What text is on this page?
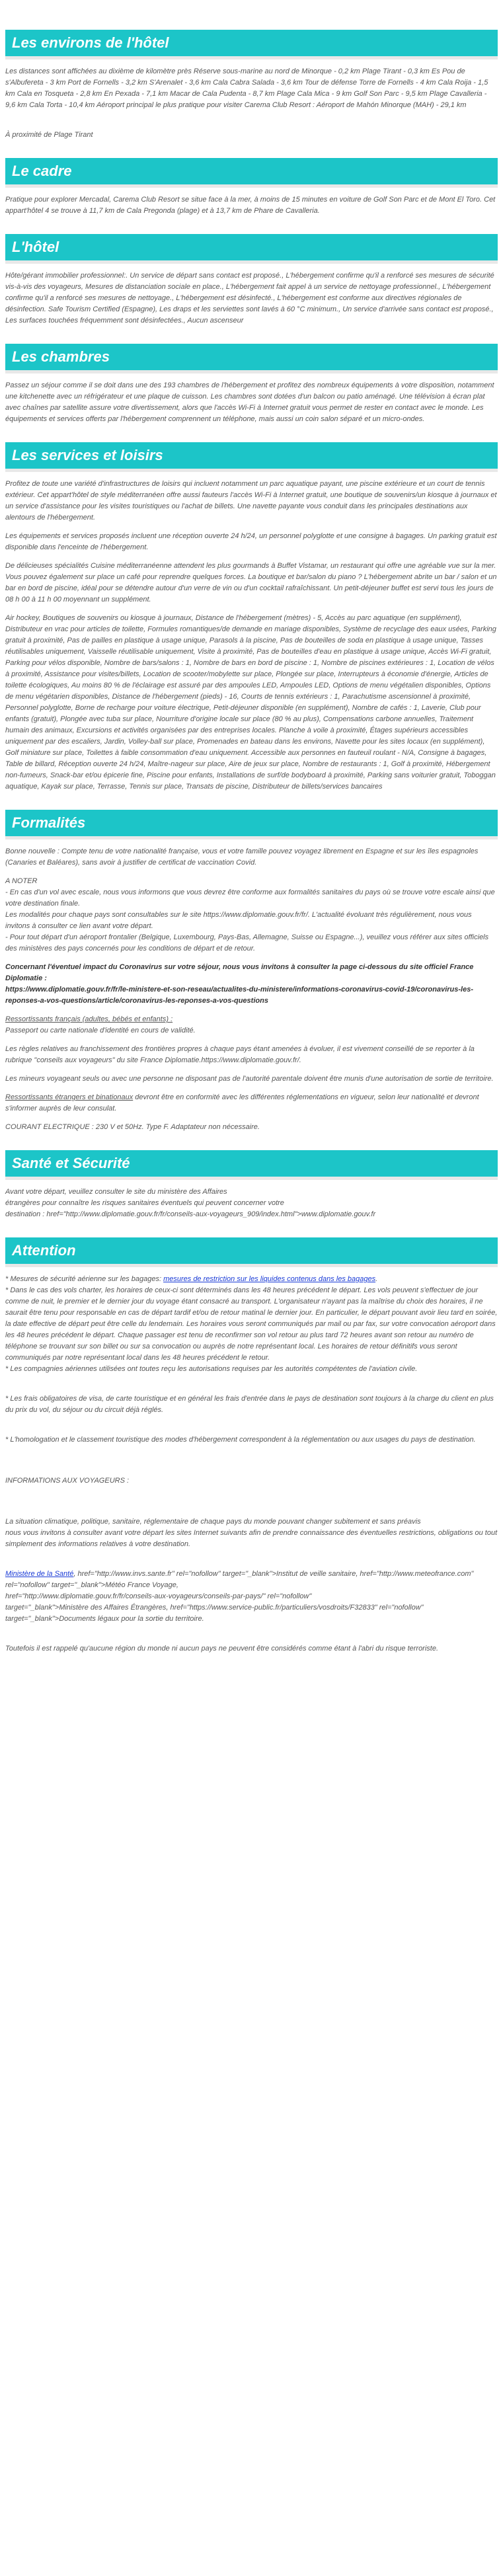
Les environs de l'hôtel

Les distances sont affichées au dixième de kilomètre près Réserve sous-marine au nord de Minorque - 0,2 km Plage Tirant - 0,3 km Es Pou de s'Albufereta - 3 km Port de Fornells - 3,2 km S'Arenalet - 3,6 km Cala Cabra Salada - 3,6 km Tour de défense Torre de Fornells - 4 km Cala Roija - 1,5 km Cala en Tosqueta - 2,8 km En Pexada - 7,1 km Macar de Cala Pudenta - 8,7 km Plage Cala Mica - 9 km Golf Son Parc - 9,5 km Plage Cavalleria - 9,6 km Cala Torta - 10,4 km Aéroport principal le plus pratique pour visiter Carema Club Resort : Aéroport de Mahón Minorque (MAH) - 29,1 km

À proximité de Plage Tirant

Le cadre

Pratique pour explorer Mercadal, Carema Club Resort se situe face à la mer, à moins de 15 minutes en voiture de Golf Son Parc et de Mont El Toro. Cet appart'hôtel 4 se trouve à 11,7 km de Cala Pregonda (plage) et à 13,7 km de Phare de Cavalleria.

L'hôtel

Hôte/gérant immobilier professionnel:. Un service de départ sans contact est proposé., L'hébergement confirme qu'il a renforcé ses mesures de sécurité vis-à-vis des voyageurs, Mesures de distanciation sociale en place., L'hébergement fait appel à un service de nettoyage professionnel., L'hébergement confirme qu'il a renforcé ses mesures de nettoyage., L'hébergement est désinfecté., L'hébergement est conforme aux directives régionales de désinfection. Safe Tourism Certified (Espagne), Les draps et les serviettes sont lavés à 60 °C minimum., Un service d'arrivée sans contact est proposé., Les surfaces touchées fréquemment sont désinfectées., Aucun ascenseur

Les chambres

Passez un séjour comme il se doit dans une des 193 chambres de l'hébergement et profitez des nombreux équipements à votre disposition, notamment une kitchenette avec un réfrigérateur et une plaque de cuisson. Les chambres sont dotées d'un balcon ou patio aménagé. Une télévision à écran plat avec chaînes par satellite assure votre divertissement, alors que l'accès Wi-Fi à Internet gratuit vous permet de rester en contact avec le monde. Les équipements et services offerts par l'hébergement comprennent un téléphone, mais aussi un coin salon séparé et un micro-ondes.

Les services et loisirs

Profitez de toute une variété d'infrastructures de loisirs qui incluent notamment un parc aquatique payant, une piscine extérieure et un court de tennis extérieur. Cet appart'hôtel de style méditerranéen offre aussi fauteurs l'accès Wi-Fi à Internet gratuit, une boutique de souvenirs/un kiosque à journaux et un service d'assistance pour les visites touristiques ou l'achat de billets. Une navette payante vous conduit dans les principales destinations aux alentours de l'hébergement.

Les équipements et services proposés incluent une réception ouverte 24 h/24, un personnel polyglotte et une consigne à bagages. Un parking gratuit est disponible dans l'enceinte de l'hébergement.

De délicieuses spécialités Cuisine méditerranéenne attendent les plus gourmands à Buffet Vistamar, un restaurant qui offre une agréable vue sur la mer. Vous pouvez également sur place un café pour reprendre quelques forces. La boutique et bar/salon du piano ? L'hébergement abrite un bar / salon et un bar en bord de piscine, idéal pour se détendre autour d'un verre de vin ou d'un cocktail rafraîchissant. Un petit-déjeuner buffet est servi tous les jours de 08 h 00 à 11 h 00 moyennant un supplément.

Air hockey, Boutiques de souvenirs ou kiosque à journaux, Distance de l'hébergement (mètres) - 5, Accès au parc aquatique (en supplément), Distributeur en vrac pour articles de toilette, Formules romantiques/de demande en mariage disponibles, Système de recyclage des eaux usées, Parking gratuit à proximité, Pas de pailles en plastique à usage unique, Parasols à la piscine, Pas de bouteilles de soda en plastique à usage unique, Tasses réutilisables uniquement, Vaisselle réutilisable uniquement, Visite à proximité, Pas de bouteilles d'eau en plastique à usage unique, Accès Wi-Fi gratuit, Parking pour vélos disponible, Nombre de bars/salons : 1, Nombre de bars en bord de piscine : 1, Nombre de piscines extérieures : 1, Location de vélos à proximité, Assistance pour visites/billets, Location de scooter/mobylette sur place, Plongée sur place, Interrupteurs à économie d'énergie, Articles de toilette écologiques, Au moins 80 % de l'éclairage est assuré par des ampoules LED, Ampoules LED, Options de menu végétalien disponibles, Options de menu végétarien disponibles, Distance de l'hébergement (pieds) - 16, Courts de tennis extérieurs : 1, Parachutisme ascensionnel à proximité, Personnel polyglotte, Borne de recharge pour voiture électrique, Petit-déjeuner disponible (en supplément), Nombre de cafés : 1, Laverie, Club pour enfants (gratuit), Plongée avec tuba sur place, Nourriture d'origine locale sur place (80 % au plus), Compensations carbone annuelles, Traitement humain des animaux, Excursions et activités organisées par des entreprises locales. Planche à voile à proximité, Étages supérieurs accessibles uniquement par des escaliers, Jardin, Volley-ball sur place, Promenades en bateau dans les environs, Navette pour les sites locaux (en supplément), Golf miniature sur place, Toilettes à faible consommation d'eau uniquement. Accessible aux personnes en fauteuil roulant - N/A, Consigne à bagages, Table de billard, Réception ouverte 24 h/24, Maître-nageur sur place, Aire de jeux sur place, Nombre de restaurants : 1, Golf à proximité, Hébergement non-fumeurs, Snack-bar et/ou épicerie fine, Piscine pour enfants, Installations de surf/de bodyboard à proximité, Parking sans voiturier gratuit, Toboggan aquatique, Kayak sur place, Terrasse, Tennis sur place, Transats de piscine, Distributeur de billets/services bancaires

Formalités

Bonne nouvelle : Compte tenu de votre nationalité française, vous et votre famille pouvez voyagez librement en Espagne et sur les îles espagnoles (Canaries et Baléares), sans avoir à justifier de certificat de vaccination Covid.

A NOTER

- En cas d'un vol avec escale, nous vous informons que vous devrez être conforme aux formalités sanitaires du pays où se trouve votre escale ainsi que votre destination finale.
Les modalités pour chaque pays sont consultables sur le site https://www.diplomatie.gouv.fr/fr/. L'actualité évoluant très régulièrement, nous vous invitons à consulter ce lien avant votre départ.
- Pour tout départ d'un aéroport frontalier (Belgique, Luxembourg, Pays-Bas, Allemagne, Suisse ou Espagne...), veuillez vous référer aux sites officiels des ministères des pays concernés pour les conditions de départ et de retour.

Concernant l'éventuel impact du Coronavirus sur votre séjour, nous vous invitons à consulter la page ci-dessous du site officiel France Diplomatie :
https://www.diplomatie.gouv.fr/fr/le-ministere-et-son-reseau/actualites-du-ministere/informations-coronavirus-covid-19/coronavirus-les-reponses-a-vos-questions/article/coronavirus-les-reponses-a-vos-questions

Ressortissants français (adultes, bébés et enfants) :

Passeport ou carte nationale d'identité en cours de validité.

Les règles relatives au franchissement des frontières propres à chaque pays étant amenées à évoluer, il est vivement conseillé de se reporter à la rubrique "conseils aux voyageurs" du site France Diplomatie.https://www.diplomatie.gouv.fr/.

Les mineurs voyageant seuls ou avec une personne ne disposant pas de l'autorité parentale doivent être munis d'une autorisation de sortie de territoire.

Ressortissants étrangers et binationaux devront être en conformité avec les différentes réglementations en vigueur, selon leur nationalité et devront s'informer auprès de leur consulat.

COURANT ELECTRIQUE : 230 V et 50Hz. Type F. Adaptateur non nécessaire.

Santé et Sécurité

Avant votre départ, veuillez consulter le site du ministère des Affaires
étrangères pour connaître les risques sanitaires éventuels qui peuvent concerner votre
destination : href="http://www.diplomatie.gouv.fr/fr/conseils-aux-voyageurs_909/index.html">www.diplomatie.gouv.fr

Attention

* Mesures de sécurité aérienne sur les bagages: mesures de restriction sur les liquides contenus dans les bagages.
* Dans le cas des vols charter, les horaires de ceux-ci sont déterminés dans les 48 heures précédent le départ. Les vols peuvent s'effectuer de jour comme de nuit, le premier et le dernier jour du voyage étant consacré au transport. L'organisateur n'ayant pas la maîtrise du choix des horaires, il ne saurait être tenu pour responsable en cas de départ tardif et/ou de retour matinal le dernier jour. En particulier, le départ pouvant avoir lieu tard en soirée, la date effective de départ peut être celle du lendemain. Les horaires vous seront communiqués par mail ou par fax, sur votre convocation aéroport dans les 48 heures précédent le départ. Chaque passager est tenu de reconfirmer son vol retour au plus tard 72 heures avant son retour au numéro de téléphone se trouvant sur son billet ou sur sa convocation ou auprès de notre représentant local. Les horaires de retour définitifs vous seront communiqués par notre représentant local dans les 48 heures précédent le retour.
* Les compagnies aériennes utilisées ont toutes reçu les autorisations requises par les autorités compétentes de l'aviation civile.

* Les frais obligatoires de visa, de carte touristique et en général les frais d'entrée dans le pays de destination sont toujours à la charge du client en plus du prix du vol, du séjour ou du circuit déjà réglés.

* L'homologation et le classement touristique des modes d'hébergement correspondent à la réglementation ou aux usages du pays de destination.

INFORMATIONS AUX VOYAGEURS :

La situation climatique, politique, sanitaire, réglementaire de chaque pays du monde pouvant changer subitement et sans préavis
nous vous invitons à consulter avant votre départ les sites Internet suivants afin de prendre connaissance des éventuelles restrictions, obligations ou tout simplement des informations relatives à votre destination.

Ministère de la Santé, href="http://www.invs.sante.fr" rel="nofollow" target="_blank">Institut de veille sanitaire, href="http://www.meteofrance.com" rel="nofollow" target="_blank">Météo France Voyage,
href="http://www.diplomatie.gouv.fr/fr/conseils-aux-voyageurs/conseils-par-pays/" rel="nofollow"
target="_blank">Ministère des Affaires Étrangères, href="https://www.service-public.fr/particuliers/vosdroits/F32833" rel="nofollow" target="_blank">Documents légaux pour la sortie du territoire.

Toutefois il est rappelé qu'aucune région du monde ni aucun pays ne peuvent être considérés comme étant à l'abri du risque terroriste.
